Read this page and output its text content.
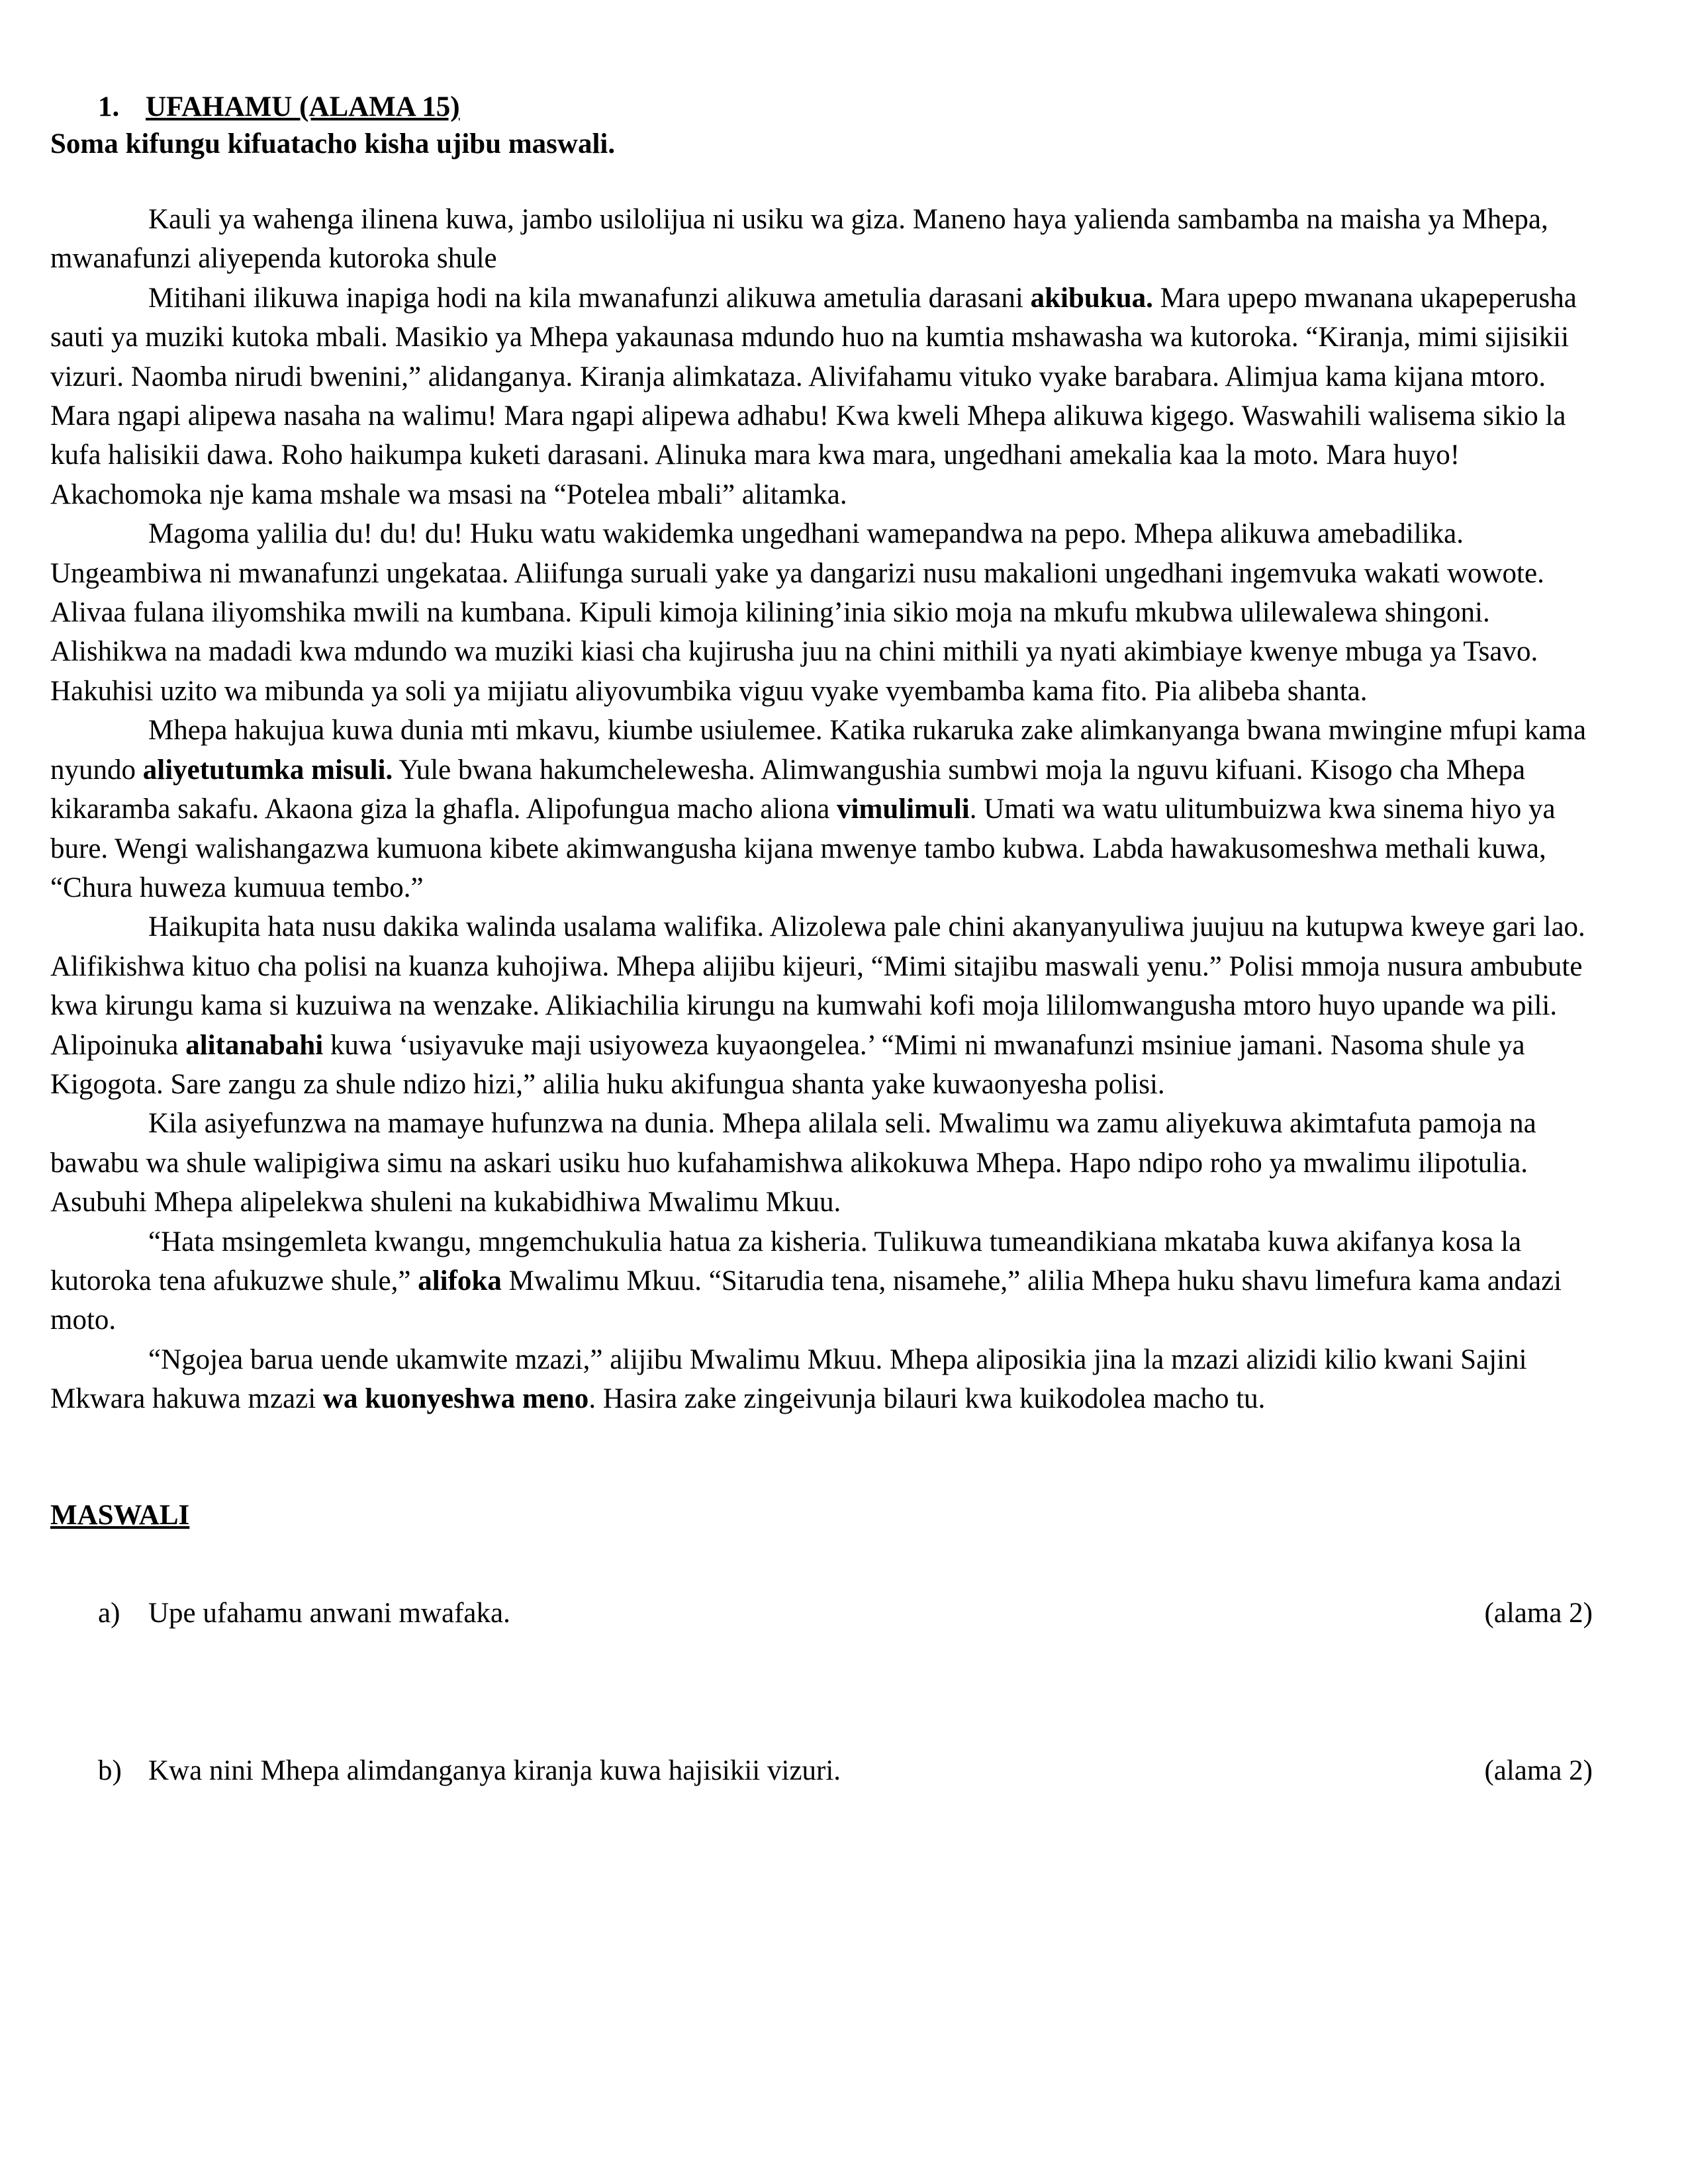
1. UFAHAMU (ALAMA 15)
Soma kifungu kifuatacho kisha ujibu maswali.

Kauli ya wahenga ilinena kuwa, jambo usilolijua ni usiku wa giza. Maneno haya yalienda sambamba na maisha ya Mhepa, mwanafunzi aliyependa kutoroka shule

Mitihani ilikuwa inapiga hodi na kila mwanafunzi alikuwa ametulia darasani akibukua. Mara upepo mwanana ukapeperusha sauti ya muziki kutoka mbali. Masikio ya Mhepa yakaunasa mdundo huo na kumtia mshawasha wa kutoroka. “Kiranja, mimi sijisikii vizuri. Naomba nirudi bwenini,” alidanganya. Kiranja alimkataza. Alivifahamu vituko vyake barabara. Alimjua kama kijana mtoro. Mara ngapi alipewa nasaha na walimu! Mara ngapi alipewa adhabu! Kwa kweli Mhepa alikuwa kigego. Waswahili walisema sikio la kufa halisikii dawa. Roho haikumpa kuketi darasani. Alinuka mara kwa mara, ungedhani amekalia kaa la moto. Mara huyo! Akachomoka nje kama mshale wa msasi na “Potelea mbali” alitamka.

Magoma yalilia du! du! du! Huku watu wakidemka ungedhani wamepandwa na pepo. Mhepa alikuwa amebadilika. Ungeambiwa ni mwanafunzi ungekataa. Aliifunga suruali yake ya dangarizi nusu makalioni ungedhani ingemvuka wakati wowote. Alivaa fulana iliyomshika mwili na kumbana. Kipuli kimoja kilining’inia sikio moja na mkufu mkubwa ulilewalewa shingoni. Alishikwa na madadi kwa mdundo wa muziki kiasi cha kujirusha juu na chini mithili ya nyati akimbiaye kwenye mbuga ya Tsavo. Hakuhisi uzito wa mibunda ya soli ya mijiatu aliyovumbika viguu vyake vyembamba kama fito. Pia alibeba shanta.

Mhepa hakujua kuwa dunia mti mkavu, kiumbe usiulemee. Katika rukaruka zake alimkanyanga bwana mwingine mfupi kama nyundo aliyetutumka misuli. Yule bwana hakumchelewesha. Alimwangushia sumbwi moja la nguvu kifuani. Kisogo cha Mhepa kikaramba sakafu. Akaona giza la ghafla. Alipofungua macho aliona vimulimuli. Umati wa watu ulitumbuizwa kwa sinema hiyo ya bure. Wengi walishangazwa kumuona kibete akimwangusha kijana mwenye tambo kubwa. Labda hawakusomeshwa methali kuwa, “Chura huweza kumuua tembo.”

Haikupita hata nusu dakika walinda usalama walifika. Alizolewa pale chini akanyanyuliwa juujuu na kutupwa kweye gari lao. Alifikishwa kituo cha polisi na kuanza kuhojiwa. Mhepa alijibu kijeuri, “Mimi sitajibu maswali yenu.” Polisi mmoja nusura ambubute kwa kirungu kama si kuzuiwa na wenzake. Alikiachilia kirungu na kumwahi kofi moja lililomwangusha mtoro huyo upande wa pili. Alipoinuka alitanabahi kuwa ‘usiyavuke maji usiyoweza kuyaongelea.’ “Mimi ni mwanafunzi msiniue jamani. Nasoma shule ya Kigogota. Sare zangu za shule ndizo hizi,” alilia huku akifungua shanta yake kuwaonyesha polisi.

Kila asiyefunzwa na mamaye hufunzwa na dunia. Mhepa alilala seli. Mwalimu wa zamu aliyekuwa akimtafuta pamoja na bawabu wa shule walipigiwa simu na askari usiku huo kufahamishwa alikokuwa Mhepa. Hapo ndipo roho ya mwalimu ilipotulia. Asubuhi Mhepa alipelekwa shuleni na kukabidhiwa Mwalimu Mkuu.

“Hata msingemleta kwangu, mngemchukulia hatua za kisheria. Tulikuwa tumeandikiana mkataba kuwa akifanya kosa la kutoroka tena afukuzwe shule,” alifoka Mwalimu Mkuu. “Sitarudia tena, nisamehe,” alilia Mhepa huku shavu limefura kama andazi moto.

“Ngojea barua uende ukamwite mzazi,” alijibu Mwalimu Mkuu. Mhepa aliposikia jina la mzazi alizidi kilio kwani Sajini Mkwara hakuwa mzazi wa kuonyeshwa meno. Hasira zake zingeivunja bilauri kwa kuikodolea macho tu.

MASWALI
a) Upe ufahamu anwani mwafaka.	(alama 2)
b) Kwa nini Mhepa alimdanganya kiranja kuwa hajisikii vizuri.	(alama 2)
